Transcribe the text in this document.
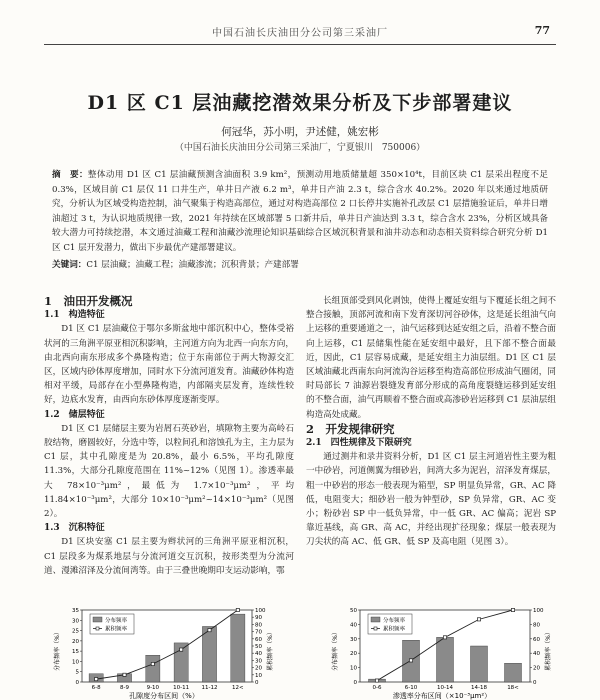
中国石油长庆油田分公司第三采油厂	77
D1 区 C1 层油藏挖潜效果分析及下步部署建议
何冠华，苏小明，尹述健，姚宏彬
（中国石油长庆油田分公司第三采油厂，宁夏银川　750006）
摘　要：整体动用 D1 区 C1 层油藏预测含油面积 3.9 km²，预测动用地质储量超 350×10⁴t，目前区块 C1 层采出程度不足 0.3%，区域目前 C1 层仅 11 口井生产，单井日产液 6.2 m³，单井日产油 2.3 t，综合含水 40.2%。2020 年以来通过地质研究，分析认为区域受构造控制，油气聚集于构造高部位，通过对构造高部位 2 口长停井实施补孔改层 C1 层措施验证后，单井日增油超过 3 t，为认识地质规律一致，2021 年持续在区域部署 5 口新井后，单井日产油达到 3.3 t，综合含水 23%，分析区域具备较大潜力可持续挖潜，本文通过油藏工程和油藏沙流理论知识基础综合区域沉积背景和油井动态和动态相关资料综合研究分析 D1 区 C1 层开发潜力，做出下步最优产建部署建议。
关键词：C1 层油藏；油藏工程；油藏渗流；沉积背景；产建部署

1　油田开发概况

1.1　构造特征

D1 区 C1 层油藏位于鄂尔多斯盆地中部沉积中心，整体受裕状河的三角洲平原亚相沉积影响，主河道方向为北西一向东方向，由北西向南东形成多个鼻隆构造；位于东南部位于两大物源交汇区，区域内砂体厚度增加，同时水下分流河道发育。油藏砂体构造相对平缓，局部存在小型鼻隆构造，内部隔夹层发育，连续性较好，边底水发育，由西向东砂体厚度逐渐变厚。

1.2　储层特征

D1 区 C1 层储层主要为岩屑石英砂岩，填隙物主要为高岭石胶结物，磨圆较好，分选中等，以粒间孔和溶蚀孔为主，主力层为 C1 层，其中孔隙度是为 20.8%，最小 6.5%，平均孔隙度 11.3%，大部分孔隙度范围在 11%~12%（见图 1）。渗透率最大 78×10⁻³μm²，最低为 1.7×10⁻³μm²，平均 11.84×10⁻³μm²，大部分 10×10⁻³μm²~14×10⁻³μm²（见图 2）。

1.3　沉积特征

D1 区块安塞 C1 层主要为辫状河的三角洲平原亚相沉积，C1 层段多为煤系地层与分流河道交互沉积，按形类型为分流河道、漫滩沼泽及分流间湾等。由于三叠世晚期印支运动影响，鄂

长组顶部受到风化剥蚀，使得上覆延安组与下覆延长组之间不整合接触，顶部河流和南下发育深切河谷砂体，这是延长组油气向上运移的重要通道之一，油气运移到达延安组之后，沿着不整合面向上运移，C1 层储集性能在延安组中最好，且下部不整合面最近，因此，C1 层容易成藏，是延安组主力油层组。D1 区 C1 层区域油藏北西南东向河流沟谷运移至构造高部位形成油气圈闭，同时局部长 7 油源岩裂缝发育部分形成的高角度裂缝运移到延安组的不整合面，油气再顺着不整合面或高渗砂岩运移到 C1 层油层组构造高处成藏。

2　开发规律研究

2.1　四性规律及下限研究

通过测井和录井资料分析，D1 区 C1 层主河道岩性主要为粗一中砂岩，河道侧翼为细砂岩，间湾大多为泥岩，沼泽发育煤层，粗一中砂岩的形态一般表现为箱型，SP 明显负异常，GR、AC 降低，电阻变大；细砂岩一般为钟型砂，SP 负异常，GR、AC 变小；粉砂岩 SP 中一低负异常，中一低 GR、AC 偏高；泥岩 SP 靠近基线，高 GR、高 AC，并经出现扩径现象；煤层一般表现为刀尖状的高 AC、低 GR、低 SP 及高电阻（见图 3）。

分布频率（%）	累积频率（%）
孔隙度分布区间（%）
0
5
10
15
20
25
30
35
0
10
20
30
40
50
60
70
80
90
100
6-8	8-9	9-10	10-11 11-12	12<
分布频率
累积频率	分布频率（%）	累积频率（%）
渗透率分布区间（×10⁻³μm²）
0
10
20
30
40
50
0
20
40
60
80
100
0-6	6-10	10-14	14-18	18<
分布频率
累积频率
